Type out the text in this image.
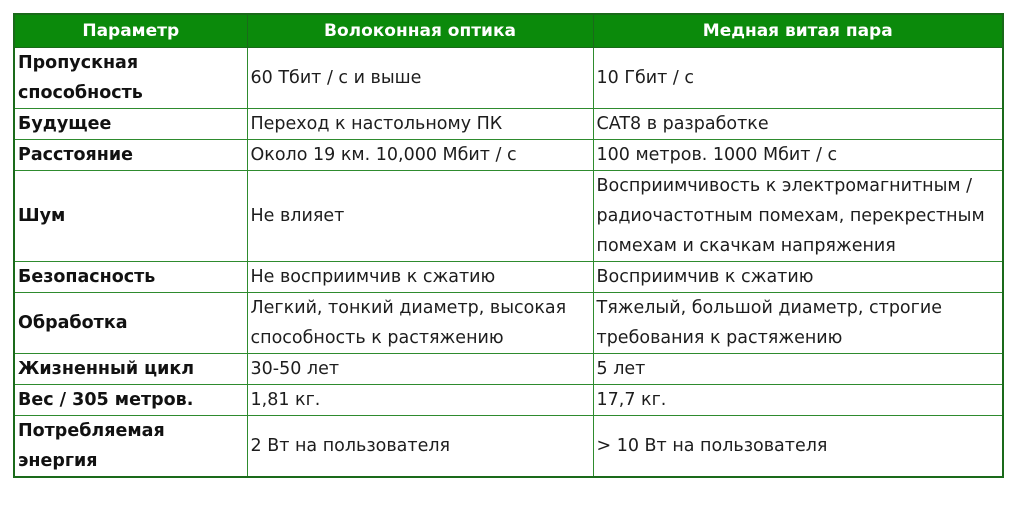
Параметр	Волоконная оптика	Медная витая пара
Пропускная способность	60 Тбит / с и выше	10 Гбит / с
Будущее	Переход к настольному ПК	CAT8 в разработке
Расстояние	Около 19 км. 10,000 Мбит / с	100 метров. 1000 Мбит / с
Шум	Не влияет	Восприимчивость к электромагнитным / радиочастотным помехам, перекрестным помехам и скачкам напряжения
Безопасность	Не восприимчив к сжатию	Восприимчив к сжатию
Обработка	Легкий, тонкий диаметр, высокая способность к растяжению	Тяжелый, большой диаметр, строгие требования к растяжению
Жизненный цикл	30-50 лет	5 лет
Вес / 305 метров.	1,81 кг.	17,7 кг.
Потребляемая энергия	2 Вт на пользователя	> 10 Вт на пользователя
